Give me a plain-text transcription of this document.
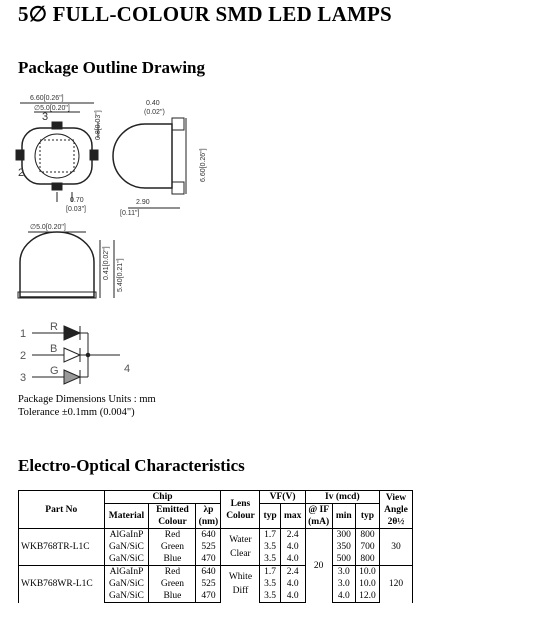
5∅ FULL-COLOUR SMD LED LAMPS
Package Outline Drawing
6.60[0.26"]
∅5.0[0.20"]
0.8[0.03"]
3
2
0.70
[0.03"]
0.40
(0.02")
6.60[0.26"]
2.90
[0.11"]
∅5.0[0.20"]
0.41[0.02"] 5.40[0.21"]
1
2
3
R
B
G	4
Package Dimensions Units : mm
Tolerance ±0.1mm (0.004")
Electro-Optical Characteristics
Part No	Chip			Lens Colour	VF(V)		Iv (mcd)			View Angle 2θ½
	Material	Emitted Colour	λp (nm)		typ	max	@ IF (mA)	min	typ	
WKB768TR-L1C	AlGaInP	Red	640	Water Clear	1.7	2.4	20	300	800	30
	GaN/SiC	Green	525		3.5	4.0		350	700	
	GaN/SiC	Blue	470		3.5	4.0		500	800	
WKB768WR-L1C	AlGaInP	Red	640	White Diff	1.7	2.4		3.0	10.0	120
	GaN/SiC	Green	525		3.5	4.0		3.0	10.0	
	GaN/SiC	Blue	470		3.5	4.0		4.0	12.0	
